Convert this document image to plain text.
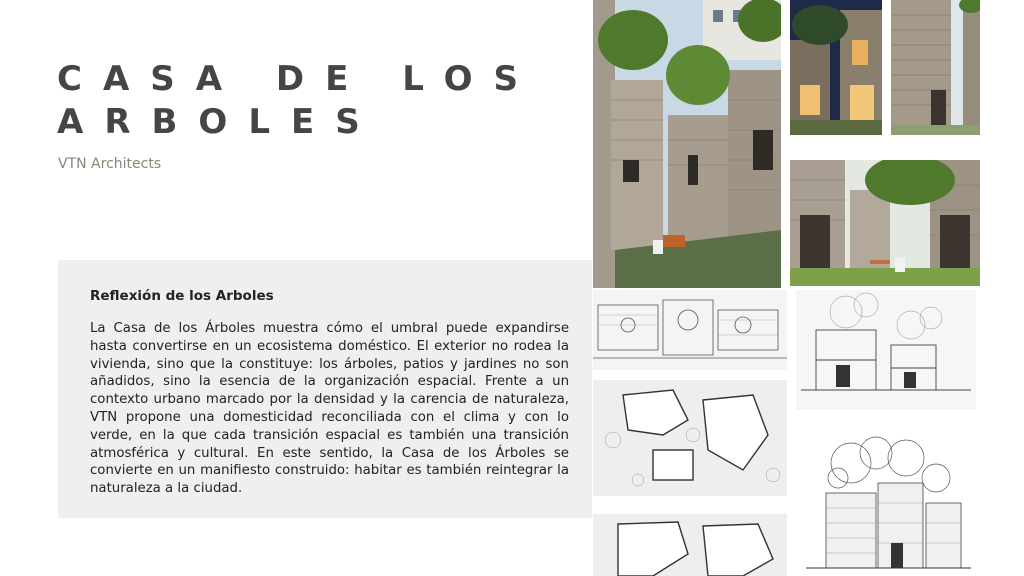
CASA DE LOS
ARBOLES
VTN Architects
Reflexión de los Arboles

La Casa de los Árboles muestra cómo el umbral puede expandirse hasta convertirse en un ecosistema doméstico. El exterior no rodea la vivienda, sino que la constituye: los árboles, patios y jardines no son añadidos, sino la esencia de la organización espacial. Frente a un contexto urbano marcado por la densidad y la carencia de naturaleza, VTN propone una domesticidad reconciliada con el clima y con lo verde, en la que cada transición espacial es también una transición atmosférica y cultural. En este sentido, la Casa de los Árboles se convierte en un manifiesto construido: habitar es también reintegrar la naturaleza a la ciudad.
